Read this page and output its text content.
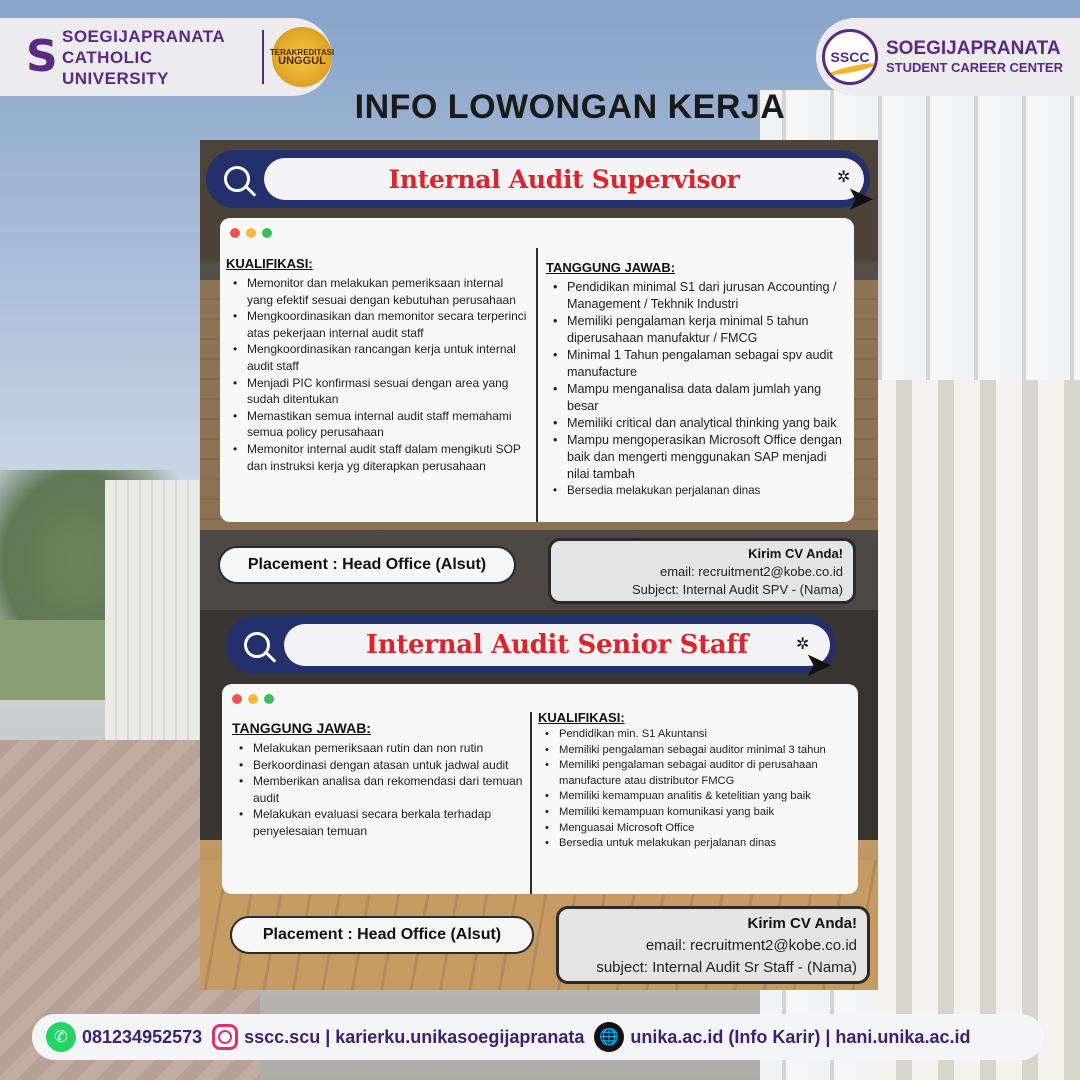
S SOEGIJAPRANATA
CATHOLIC UNIVERSITY
TERAKREDITASI
UNGGUL	SSCC SOEGIJAPRANATA
STUDENT CAREER CENTER
INFO LOWONGAN KERJA
Internal Audit Supervisor	✲
➤
KUALIFIKASI:
• Memonitor dan melakukan pemeriksaan internal yang efektif sesuai dengan kebutuhan perusahaan
• Mengkoordinasikan dan memonitor secara terperinci atas pekerjaan internal audit staff
• Mengkoordinasikan rancangan kerja untuk internal audit staff
• Menjadi PIC konfirmasi sesuai dengan area yang sudah ditentukan
• Memastikan semua internal audit staff memahami semua policy perusahaan
• Memonitor internal audit staff dalam mengikuti SOP dan instruksi kerja yg diterapkan perusahaan
TANGGUNG JAWAB:
• Pendidikan minimal S1 dari jurusan Accounting / Management / Tekhnik Industri
• Memiliki pengalaman kerja minimal 5 tahun diperusahaan manufaktur / FMCG
• Minimal 1 Tahun pengalaman sebagai spv audit manufacture
• Mampu menganalisa data dalam jumlah yang besar
• Memiliki critical dan analytical thinking yang baik
• Mampu mengoperasikan Microsoft Office dengan baik dan mengerti menggunakan SAP menjadi nilai tambah
• Bersedia melakukan perjalanan dinas
Placement : Head Office (Alsut)
Kirim CV Anda!
email: recruitment2@kobe.co.id
Subject: Internal Audit SPV - (Nama)
Internal Audit Senior Staff	✲
➤
TANGGUNG JAWAB:
• Melakukan pemeriksaan rutin dan non rutin
• Berkoordinasi dengan atasan untuk jadwal audit
• Memberikan analisa dan rekomendasi dari temuan audit
• Melakukan evaluasi secara berkala terhadap penyelesaian temuan
KUALIFIKASI:
• Pendidikan min. S1 Akuntansi
• Memiliki pengalaman sebagai auditor minimal 3 tahun
• Memiliki pengalaman sebagai auditor di perusahaan manufacture atau distributor FMCG
• Memiliki kemampuan analitis & ketelitian yang baik
• Memiliki kemampuan komunikasi yang baik
• Menguasai Microsoft Office
• Bersedia untuk melakukan perjalanan dinas
Placement : Head Office (Alsut)
Kirim CV Anda!
email: recruitment2@kobe.co.id
subject: Internal Audit Sr Staff - (Nama)
✆ 081234952573 sscc.scu | karierku.unikasoegijapranata 🌐 unika.ac.id (Info Karir) | hani.unika.ac.id
